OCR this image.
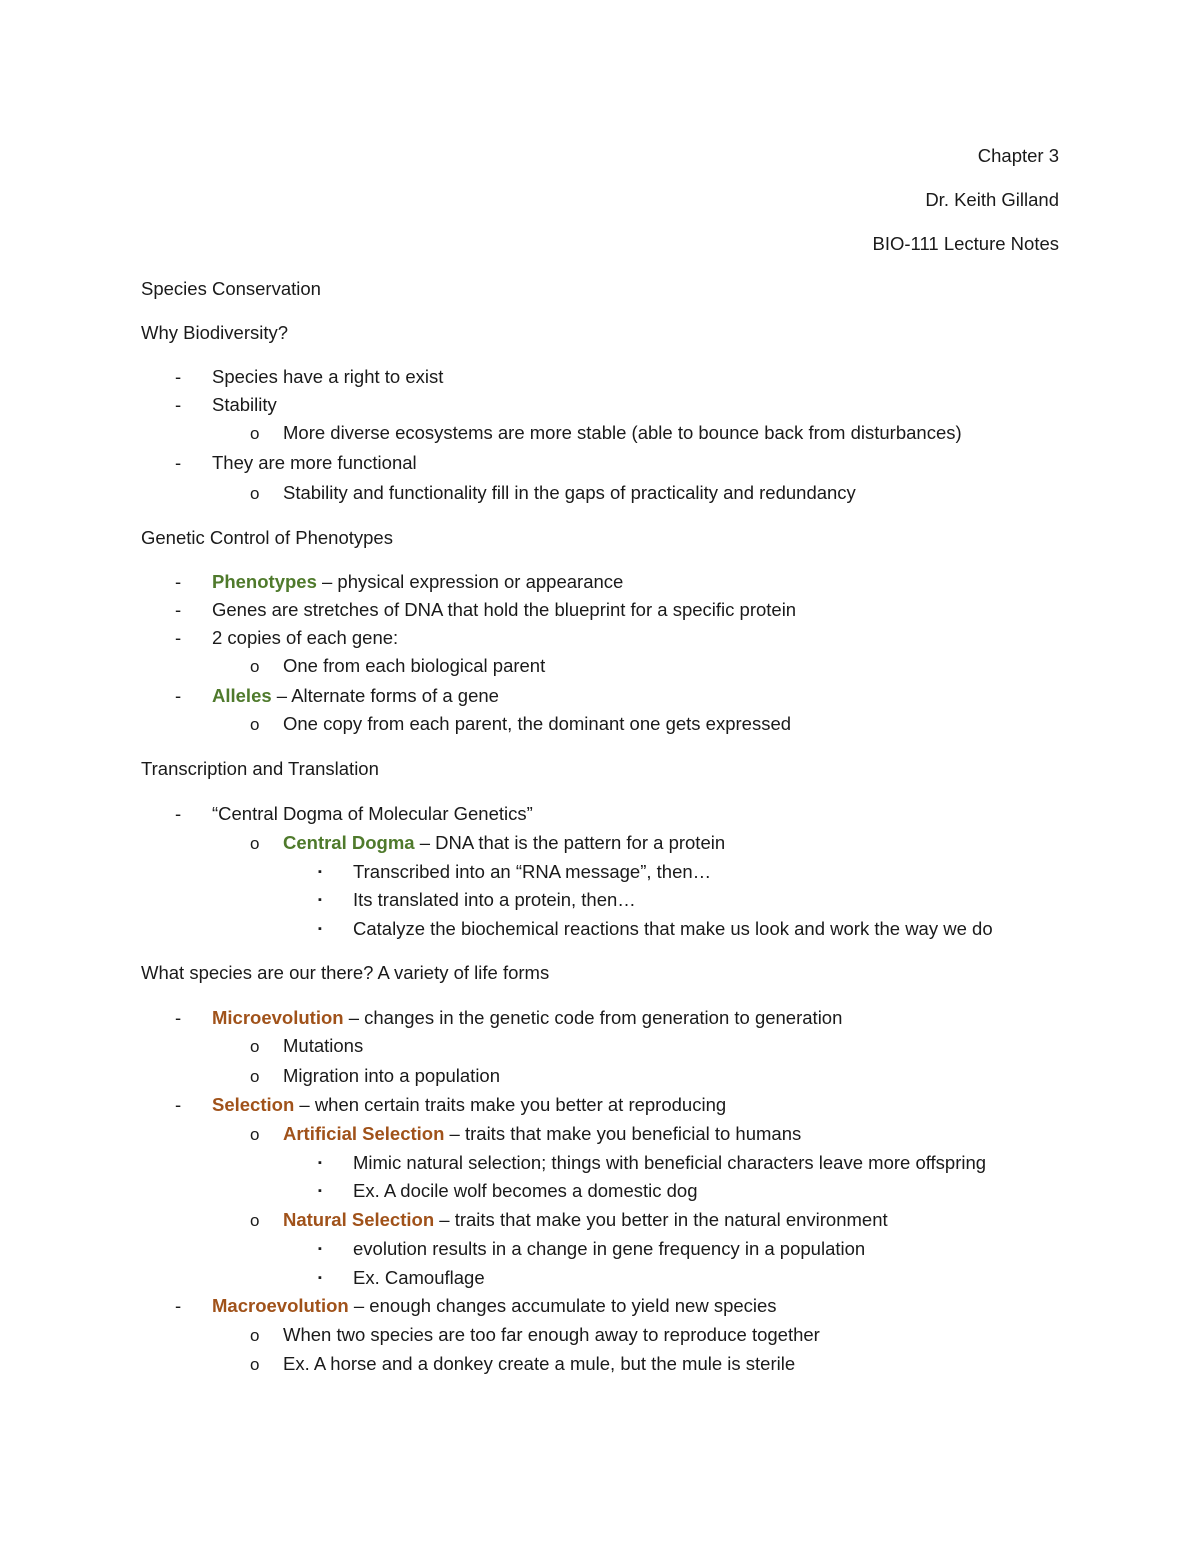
Chapter 3
Dr. Keith Gilland
BIO-111 Lecture Notes
Species Conservation
Why Biodiversity?
- Species have a right to exist
- Stability
o More diverse ecosystems are more stable (able to bounce back from disturbances)
- They are more functional
o Stability and functionality fill in the gaps of practicality and redundancy
Genetic Control of Phenotypes
- Phenotypes – physical expression or appearance
- Genes are stretches of DNA that hold the blueprint for a specific protein
- 2 copies of each gene:
o One from each biological parent
- Alleles – Alternate forms of a gene
o One copy from each parent, the dominant one gets expressed
Transcription and Translation
- “Central Dogma of Molecular Genetics”
o Central Dogma – DNA that is the pattern for a protein
▪ Transcribed into an “RNA message”, then…
▪ Its translated into a protein, then…
▪ Catalyze the biochemical reactions that make us look and work the way we do
What species are our there? A variety of life forms
- Microevolution – changes in the genetic code from generation to generation
o Mutations
o Migration into a population
- Selection – when certain traits make you better at reproducing
o Artificial Selection – traits that make you beneficial to humans
▪ Mimic natural selection; things with beneficial characters leave more offspring
▪ Ex. A docile wolf becomes a domestic dog
o Natural Selection – traits that make you better in the natural environment
▪ evolution results in a change in gene frequency in a population
▪ Ex. Camouflage
- Macroevolution – enough changes accumulate to yield new species
o When two species are too far enough away to reproduce together
o Ex. A horse and a donkey create a mule, but the mule is sterile
